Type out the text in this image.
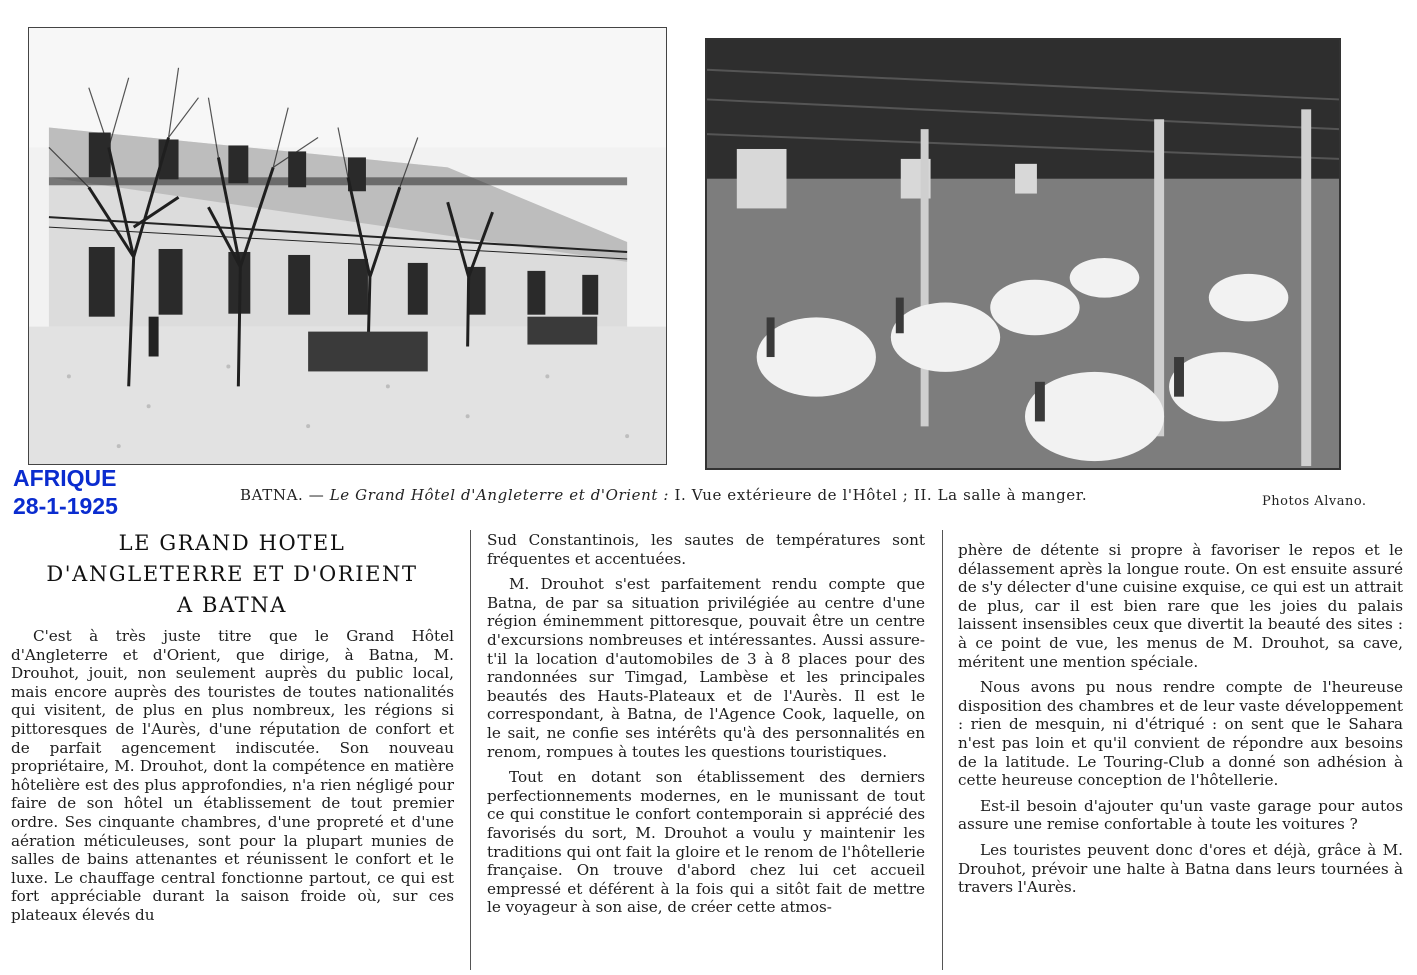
AFRIQUE
28-1-1925	BATNA. — Le Grand Hôtel d'Angleterre et d'Orient : I. Vue extérieure de l'Hôtel ; II. La salle à manger.	Photos Alvano.
LE GRAND HOTEL
D'ANGLETERRE ET D'ORIENT
A BATNA

C'est à très juste titre que le Grand Hôtel d'Angleterre et d'Orient, que dirige, à Batna, M. Drouhot, jouit, non seulement auprès du public local, mais encore auprès des touristes de toutes nationalités qui visitent, de plus en plus nombreux, les régions si pittoresques de l'Aurès, d'une réputation de confort et de parfait agencement indiscutée. Son nouveau propriétaire, M. Drouhot, dont la compétence en matière hôtelière est des plus approfondies, n'a rien négligé pour faire de son hôtel un établissement de tout premier ordre. Ses cinquante chambres, d'une propreté et d'une aération méticuleuses, sont pour la plupart munies de salles de bains attenantes et réunissent le confort et le luxe. Le chauffage central fonctionne partout, ce qui est fort appréciable durant la saison froide où, sur ces plateaux élevés du

Sud Constantinois, les sautes de températures sont fréquentes et accentuées.

M. Drouhot s'est parfaitement rendu compte que Batna, de par sa situation privilégiée au centre d'une région éminemment pittoresque, pouvait être un centre d'excursions nombreuses et intéressantes. Aussi assure-t'il la location d'automobiles de 3 à 8 places pour des randonnées sur Timgad, Lambèse et les principales beautés des Hauts-Plateaux et de l'Aurès. Il est le correspondant, à Batna, de l'Agence Cook, laquelle, on le sait, ne confie ses intérêts qu'à des personnalités en renom, rompues à toutes les questions touristiques.

Tout en dotant son établissement des derniers perfectionnements modernes, en le munissant de tout ce qui constitue le confort contemporain si apprécié des favorisés du sort, M. Drouhot a voulu y maintenir les traditions qui ont fait la gloire et le renom de l'hôtellerie française. On trouve d'abord chez lui cet accueil empressé et déférent à la fois qui a sitôt fait de mettre le voyageur à son aise, de créer cette atmos-

phère de détente si propre à favoriser le repos et le délassement après la longue route. On est ensuite assuré de s'y délecter d'une cuisine exquise, ce qui est un attrait de plus, car il est bien rare que les joies du palais laissent insensibles ceux que divertit la beauté des sites : à ce point de vue, les menus de M. Drouhot, sa cave, méritent une mention spéciale.

Nous avons pu nous rendre compte de l'heureuse disposition des chambres et de leur vaste développement : rien de mesquin, ni d'étriqué : on sent que le Sahara n'est pas loin et qu'il convient de répondre aux besoins de la latitude. Le Touring-Club a donné son adhésion à cette heureuse conception de l'hôtellerie.

Est-il besoin d'ajouter qu'un vaste garage pour autos assure une remise confortable à toute les voitures ?

Les touristes peuvent donc d'ores et déjà, grâce à M. Drouhot, prévoir une halte à Batna dans leurs tournées à travers l'Aurès.
